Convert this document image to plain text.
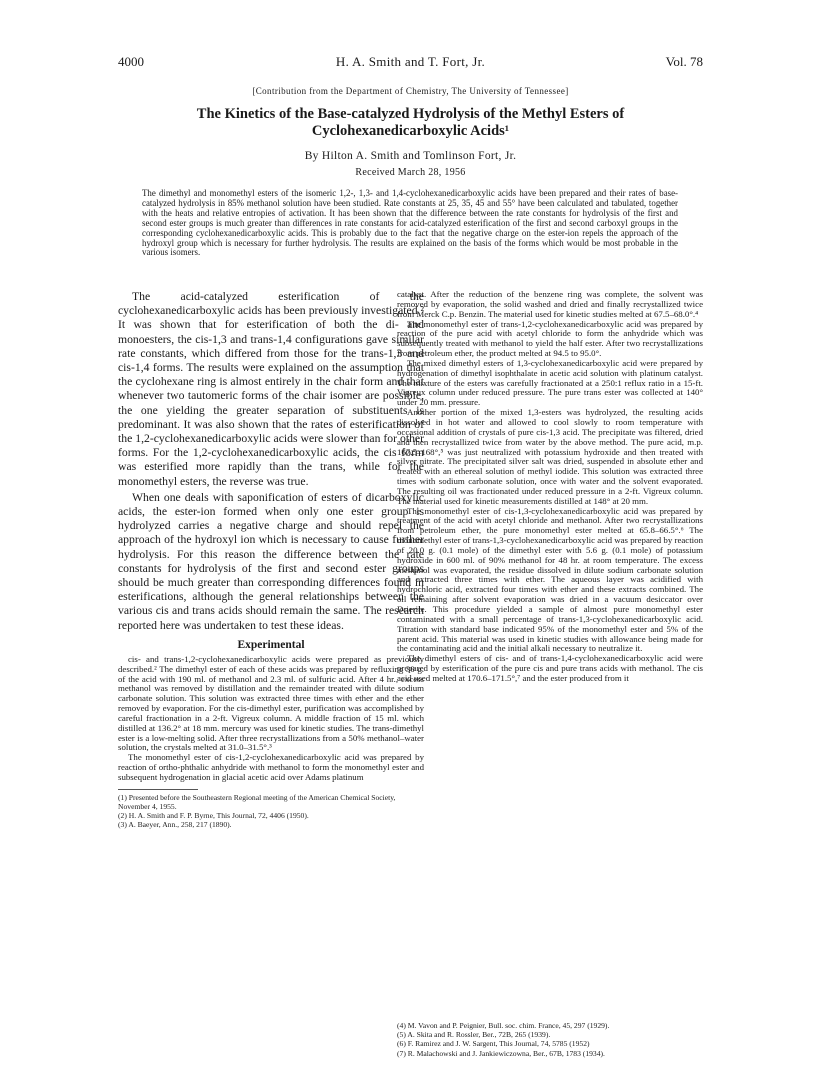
4000	H. A. Smith and T. Fort, Jr.	Vol. 78
[Contribution from the Department of Chemistry, The University of Tennessee]
The Kinetics of the Base-catalyzed Hydrolysis of the Methyl Esters of Cyclohexanedicarboxylic Acids¹
By Hilton A. Smith and Tomlinson Fort, Jr.
Received March 28, 1956
The dimethyl and monomethyl esters of the isomeric 1,2-, 1,3- and 1,4-cyclohexanedicarboxylic acids have been prepared and their rates of base-catalyzed hydrolysis in 85% methanol solution have been studied. Rate constants at 25, 35, 45 and 55° have been calculated and tabulated, together with the heats and relative entropies of activation. It has been shown that the difference between the rate constants for hydrolysis of the first and second ester groups is much greater than differences in rate constants for acid-catalyzed esterification of the first and second carboxyl groups in the corresponding cyclohexanedicarboxylic acids. This is probably due to the fact that the negative charge on the ester-ion repels the approach of the hydroxyl group which is necessary for further hydrolysis. The results are explained on the basis of the forms which would be most probable in the various isomers.

The acid-catalyzed esterification of the cyclohexanedicarboxylic acids has been previously investigated.² It was shown that for esterification of both the di- and monoesters, the cis-1,3 and trans-1,4 configurations gave similar rate constants, which differed from those for the trans-1,3 and cis-1,4 forms. The results were explained on the assumption that the cyclohexane ring is almost entirely in the chair form and that whenever two tautomeric forms of the chair isomer are possible, the one yielding the greater separation of substituents is predominant. It was also shown that the rates of esterification of the 1,2-cyclohexanedicarboxylic acids were slower than for other forms. For the 1,2-cyclohexanedicarboxylic acids, the cis form was esterified more rapidly than the trans, while for the monomethyl esters, the reverse was true.

When one deals with saponification of esters of dicarboxylic acids, the ester-ion formed when only one ester group is hydrolyzed carries a negative charge and should repel the approach of the hydroxyl ion which is necessary to cause further hydrolysis. For this reason the difference between the rate constants for hydrolysis of the first and second ester groups should be much greater than corresponding differences found in esterifications, although the general relationships between the various cis and trans acids should remain the same. The research reported here was undertaken to test these ideas.

Experimental

cis- and trans-1,2-cyclohexanedicarboxylic acids were prepared as previously described.² The dimethyl ester of each of these acids was prepared by refluxing 30 g. of the acid with 190 ml. of methanol and 2.3 ml. of sulfuric acid. After 4 hr., excess methanol was removed by distillation and the remainder treated with dilute sodium carbonate solution. This solution was extracted three times with ether and the ether removed by evaporation. For the cis-dimethyl ester, purification was accomplished by careful fractionation in a 2-ft. Vigreux column. A middle fraction of 15 ml. which distilled at 136.2° at 18 mm. mercury was used for kinetic studies. The trans-dimethyl ester is a low-melting solid. After three recrystallizations from a 50% methanol–water solution, the crystals melted at 31.0–31.5°.³

The monomethyl ester of cis-1,2-cyclohexanedicarboxylic acid was prepared by reaction of ortho-phthalic anhydride with methanol to form the monomethyl ester and subsequent hydrogenation in glacial acetic acid over Adams platinum

(1) Presented before the Southeastern Regional meeting of the American Chemical Society, November 4, 1955.

(2) H. A. Smith and F. P. Byrne, This Journal, 72, 4406 (1950).

(3) A. Baeyer, Ann., 258, 217 (1890).

catalyst. After the reduction of the benzene ring was complete, the solvent was removed by evaporation, the solid washed and dried and finally recrystallized twice from Merck C.p. Benzin. The material used for kinetic studies melted at 67.5–68.0°.⁴

The monomethyl ester of trans-1,2-cyclohexanedicarboxylic acid was prepared by reaction of the pure acid with acetyl chloride to form the anhydride which was subsequently treated with methanol to yield the half ester. After two recrystallizations from petroleum ether, the product melted at 94.5 to 95.0°.

The mixed dimethyl esters of 1,3-cyclohexanedicarboxylic acid were prepared by hydrogenation of dimethyl isophthalate in acetic acid solution with platinum catalyst. The mixture of the esters was carefully fractionated at a 250:1 reflux ratio in a 15-ft. Vigreux column under reduced pressure. The pure trans ester was collected at 140° under 20 mm. pressure.

Another portion of the mixed 1,3-esters was hydrolyzed, the resulting acids dissolved in hot water and allowed to cool slowly to room temperature with occasional addition of crystals of pure cis-1,3 acid. The precipitate was filtered, dried and then recrystallized twice from water by the above method. The pure acid, m.p. 167.5–168°,⁵ was just neutralized with potassium hydroxide and then treated with silver nitrate. The precipitated silver salt was dried, suspended in absolute ether and treated with an ethereal solution of methyl iodide. This solution was extracted three times with sodium carbonate solution, once with water and the solvent evaporated. The resulting oil was fractionated under reduced pressure in a 2-ft. Vigreux column. The material used for kinetic measurements distilled at 148° at 20 mm.

The monomethyl ester of cis-1,3-cyclohexanedicarboxylic acid was prepared by treatment of the acid with acetyl chloride and methanol. After two recrystallizations from petroleum ether, the pure monomethyl ester melted at 65.8–66.5°.⁶ The monomethyl ester of trans-1,3-cyclohexanedicarboxylic acid was prepared by reaction of 20.0 g. (0.1 mole) of the dimethyl ester with 5.6 g. (0.1 mole) of potassium hydroxide in 600 ml. of 90% methanol for 48 hr. at room temperature. The excess methanol was evaporated, the residue dissolved in dilute sodium carbonate solution and extracted three times with ether. The aqueous layer was acidified with hydrochloric acid, extracted four times with ether and these extracts combined. The oil remaining after solvent evaporation was dried in a vacuum desiccator over Drierite. This procedure yielded a sample of almost pure monomethyl ester contaminated with a small percentage of trans-1,3-cyclohexanedicarboxylic acid. Titration with standard base indicated 95% of the monomethyl ester and 5% of the parent acid. This material was used in kinetic studies with allowance being made for the contaminating acid and the initial alkali necessary to neutralize it.

The dimethyl esters of cis- and of trans-1,4-cyclohexanedicarboxylic acid were prepared by esterification of the pure cis and pure trans acids with methanol. The cis acid used melted at 170.6–171.5°,⁷ and the ester produced from it

(4) M. Vavon and P. Peignier, Bull. soc. chim. France, 45, 297 (1929).

(5) A. Skita and R. Rossler, Ber., 72B, 265 (1939).

(6) F. Ramirez and J. W. Sargent, This Journal, 74, 5785 (1952)

(7) R. Malachowski and J. Jankiewiczowna, Ber., 67B, 1783 (1934).
